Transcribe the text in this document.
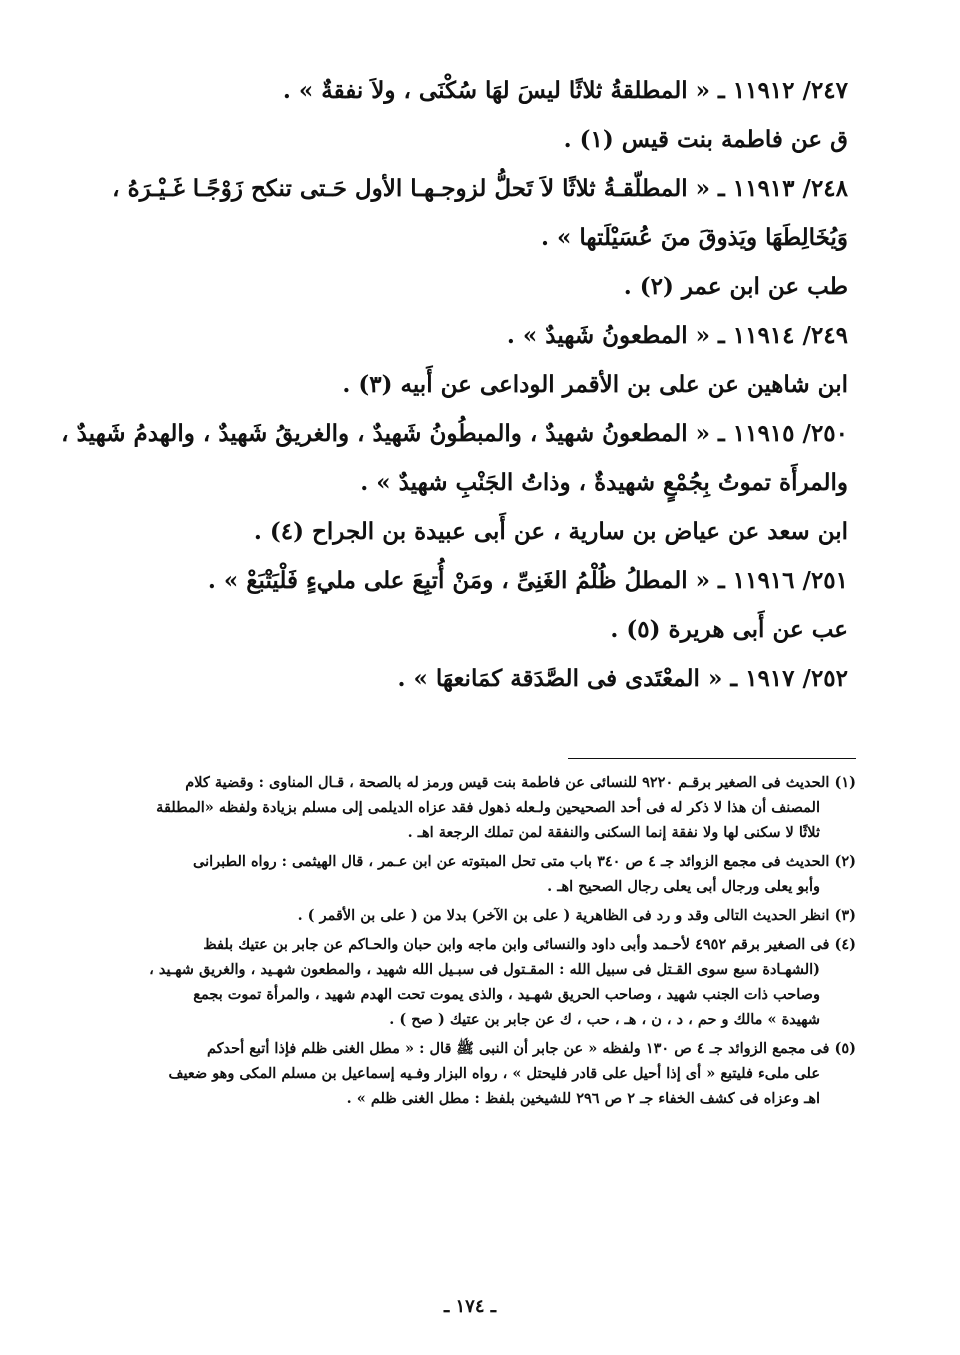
٢٤٧/ ١١٩١٢ ـ « المطلقةُ ثلاثًا ليسَ لهَا سُكْنَى ، ولاَ نفقةٌ » .
ق عن فاطمة بنت قيس (١) .
٢٤٨/ ١١٩١٣ ـ « المطلّقـةُ ثلاثًا لاَ تَحلُّ لزوجـهـا الأول حَـتى تنكح زَوْجًـا غَـيْـرَهُ ،
وَيُخَالِطَهَا ويَذوقَ منَ عُسَيْلَتها » .
طب عن ابن عمر (٢) .
٢٤٩/ ١١٩١٤ ـ « المطعونُ شَهيدٌ » .
ابن شاهين عن على بن الأقمر الوداعى عن أَبيه (٣) .
٢٥٠/ ١١٩١٥ ـ « المطعونُ شهيدٌ ، والمبطُونُ شَهيدٌ ، والغريقُ شَهيدٌ ، والهدمُ شَهيدٌ ،
والمرأَة تموتُ بِجُمْعٍ شهيدةٌ ، وذاتُ الجَنْبِ شهيدٌ » .
ابن سعد عن عياض بن سارية ، عن أَبى عبيدة بن الجراح (٤) .
٢٥١/ ١١٩١٦ ـ « المطلُ ظُلْمُ الغَنِىِّ ، ومَنْ أُتبِعَ على مليءٍ فَلْيَتْبَعْ » .
عب عن أَبى هريرة (٥) .
٢٥٢/ ١٩١٧ ـ « المعْتَدى فى الصَّدَقة كمَانعهَا » .
(١) الحديث فى الصغير برقـم ٩٢٢٠ للنسائى عن فاطمة بنت قيس ورمز له بالصحة ، قـال المناوى : وقضية كلام
المصنف أن هذا لا ذكر له فى أحد الصحيحين ولـعله ذهول فقد عزاه الديلمى إلى مسلم بزيادة ولفظه «المطلقة
ثلاثًا لا سكنى لها ولا نفقة إنما السكنى والنفقة لمن تملك الرجعة اهـ .
(٢) الحديث فى مجمع الزوائد جـ ٤ ص ٣٤٠ باب متى تحل المبتوته عن ابن عـمر ، قال الهيثمى : رواه الطبرانى
وأبو يعلى ورجال أبى يعلى رجال الصحيح اهـ .
(٣) انظر الحديث التالى وقد و رد فى الظاهرية ( على بن الآخر) بدلا من ( على بن الأقمر ) .
(٤) فى الصغير برقم ٤٩٥٢ لأحـمد وأبى داود والنسائى وابن ماجه وابن حبان والحـاكم عن جابر بن عتيك بلفظ
(الشهـادة سبع سوى القـتل فى سبيل الله : المقـتول فى سبـيل الله شهيد ، والمطعون شهـيد ، والغريق شهـيد ،
وصاحب ذات الجنب شهيد ، وصاحب الحريق شهـيد ، والذى يموت تحت الهدم شهيد ، والمرأة تموت بجمع
شهيدة » مالك و حم ، د ، ن ، هـ ، حب ، ك عن جابر بن عتيك ( صح ) .
(٥) فى مجمع الزوائد جـ ٤ ص ١٣٠ ولفظه « عن جابر أن النبى ﷺ قال : « مطل الغنى ظلم فإذا أتبع أحدكم
على ملىء فليتبع « أى إذا أحيل على قادر فليحتل » ، رواه البزار وفـيه إسماعيل بن مسلم المكى وهو ضعيف
اهـ وعزاه فى كشف الخفاء جـ ٢ ص ٢٩٦ للشيخين بلفظ : مطل الغنى ظلم » .
ـ ١٧٤ ـ
